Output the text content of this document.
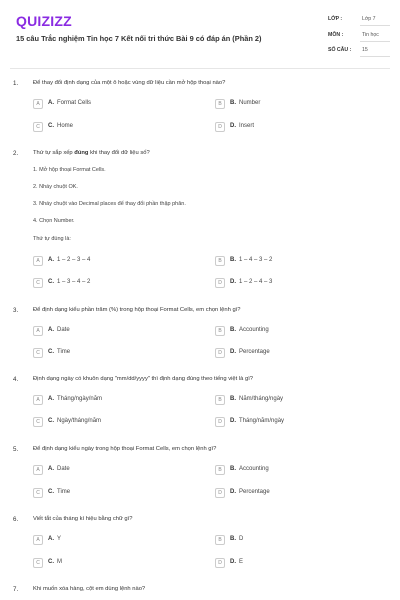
QUIZIZZ
15 câu Trắc nghiệm Tin học 7 Kết nối tri thức Bài 9 có đáp án (Phần 2)
LỚP :	Lớp 7
MÔN :	Tin học
SỐ CÂU : 15
1.	Để thay đổi định dạng của một ô hoặc vùng dữ liệu cần mở hộp thoại nào?
A	A. Format Cells	B	B. Number
C	C. Home	D	D. Insert
2.	Thứ tự sắp xếp đúng khi thay đổi dữ liệu số?
1. Mở hộp thoại Format Cells.
2. Nháy chuột OK.
3. Nháy chuột vào Decimal places để thay đổi phần thập phân.
4. Chọn Number.
Thứ tự đúng là:
A	A. 1 – 2 – 3 – 4	B	B. 1 – 4 – 3 – 2
C	C. 1 – 3 – 4 – 2	D	D. 1 – 2 – 4 – 3
3.	Để định dạng kiểu phần trăm (%) trong hộp thoại Format Cells, em chọn lệnh gì?
A	A. Date	B	B. Accounting
C	C. Time	D	D. Percentage
4.	Định dạng ngày có khuôn dạng "mm/dd/yyyy" thì định dạng đúng theo tiếng việt là gì?
A	A. Tháng/ngày/năm	B	B. Năm/tháng/ngày
C	C. Ngày/tháng/năm	D	D. Tháng/năm/ngày
5.	Để định dạng kiểu ngày trong hộp thoại Format Cells, em chọn lệnh gì?
A	A. Date	B	B. Accounting
C	C. Time	D	D. Percentage
6.	Viết tắt của tháng kí hiệu bằng chữ gì?
A	A. Y	B	B. D
C	C. M	D	D. E
7.	Khi muốn xóa hàng, cột em dùng lệnh nào?
